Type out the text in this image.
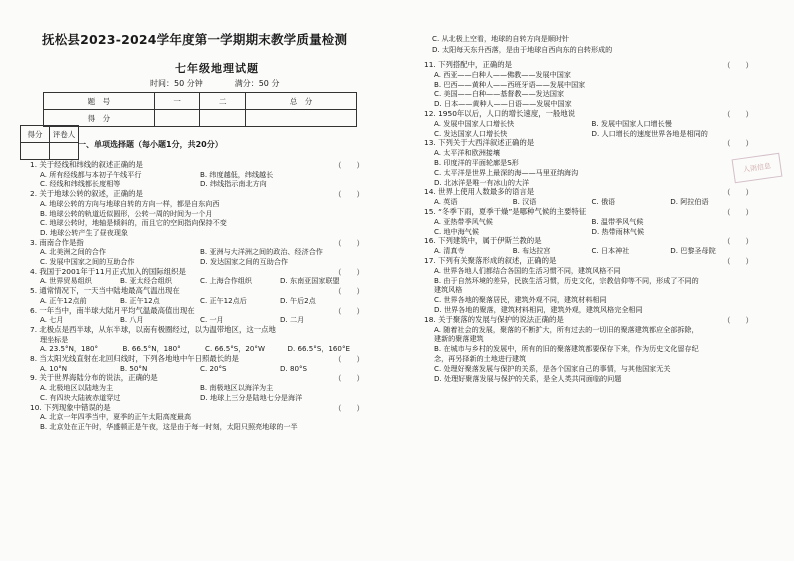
抚松县2023-2024学年度第一学期期末教学质量检测
七年级地理试题
时间：50 分钟　　　　满分：50 分
题　号	一	二	总　分
得　分			
得分	评卷人

一、单项选择题（每小题1分，共20分）
人雨信息
1. 关于经线和纬线的叙述正确的是	（　　）
A. 所有经线都与本初子午线平行	B. 纬度越低，纬线越长
C. 经线和纬线都长度相等	D. 纬线指示南北方向
2. 关于地球公转的叙述，正确的是	（　　）
A. 地球公转的方向与地球自转的方向一样，都是自东向西
B. 地球公转的轨道近似圆形，公转一周的时间为一个月
C. 地球公转时，地轴是倾斜的，而且它的空间指向保持不变
D. 地球公转产生了昼夜现象
3. 南南合作是指	（　　）
A. 北美洲之间的合作	B. 亚洲与大洋洲之间的政治、经济合作
C. 发展中国家之间的互助合作	D. 发达国家之间的互助合作
4. 我国于2001年于11月正式加入的国际组织是	（　　）
A. 世界贸易组织	B. 亚太经合组织	C. 上海合作组织	D. 东南亚国家联盟
5. 通常情况下，一天当中陆地最高气温出现在	（　　）
A. 正午12点前	B. 正午12点	C. 正午12点后	D. 午后2点
6. 一年当中，南半球大陆月平均气温最高值出现在	（　　）
A. 七月	B. 八月	C. 一月	D. 二月
7. 北极点是西半球，从东半球，以南有极圈经过，以为温带地区，这一点地
理坐标是
A. 23.5°N，180°	B. 66.5°N，180°	C. 66.5°S，20°W	D. 66.5°S，160°E
8. 当太阳光线直射在北回归线时，下列各地地中午日照最长的是	（　　）
A. 10°N	B. 50°N	C. 20°S	D. 80°S
9. 关于世界海陆分布的说法，正确的是	（　　）
A. 北极地区以陆地为主	B. 南极地区以海洋为主
C. 有四块大陆被赤道穿过	D. 地球上三分是陆地七分是海洋
10. 下列现象中错误的是	（　　）
A. 北京一年四季当中，夏季的正午太阳高度最高
B. 北京处在正午时，华盛顿正是午夜，这是由于每一时刻，太阳只照亮地球的一半
C. 从北极上空看，地球的自转方向是顺时针
D. 太阳每天东升西落，是由于地球自西向东的自转形成的
11. 下列搭配中，正确的是	（　　）
A. 西亚——白种人——佛教——发展中国家
B. 巴西——黄种人——西班牙语——发展中国家
C. 美国——白种——基督教——发达国家
D. 日本——黄种人——日语——发展中国家
12. 1950年以后，人口的增长速度，一般地说	（　　）
A. 发展中国家人口增长快	B. 发展中国家人口增长慢
C. 发达国家人口增长快	D. 人口增长的速度世界各地是相同的
13. 下列关于大西洋叙述正确的是	（　　）
A. 太平洋和欧洲接壤
B. 印度洋的平面轮廓是S形
C. 太平洋是世界上最深的海——马里亚纳海沟
D. 北冰洋是唯一有冰山的大洋
14. 世界上使用人数最多的语言是	（　　）
A. 英语	B. 汉语	C. 俄语	D. 阿拉伯语
15. “冬季下雨，夏季干燥”是哪种气候的主要特征	（　　）
A. 亚热带季风气候	B. 温带季风气候
C. 地中海气候	D. 热带雨林气候
16. 下列建筑中，属于伊斯兰教的是	（　　）
A. 清真寺	B. 布达拉宫	C. 日本神社	D. 巴黎圣母院
17. 下列有关聚落形成的叙述，正确的是	（　　）
A. 世界各地人们都结合各国的生活习惯不同，建筑风格不同
B. 由于自然环境的差异，民族生活习惯，历史文化，宗教信仰等不同，形成了不同的
建筑风格
C. 世界各地的聚落居民，建筑外观不同，建筑材料相同
D. 世界各地的聚落，建筑材料相同，建筑外观，建筑风格完全相同
18. 关于聚落的发展与保护的说法正确的是	（　　）
A. 随着社会的发展，聚落的不断扩大，所有过去的一切旧的聚落建筑都应全部拆除，
建新的聚落建筑
B. 在城市与乡村的发展中，所有的旧的聚落建筑都要保存下来，作为历史文化留存纪
念，再另择新的土地进行建筑
C. 处理好聚落发展与保护的关系，是各个国家自己的事情，与其他国家无关
D. 处理好聚落发展与保护的关系，是全人类共同面临的问题
